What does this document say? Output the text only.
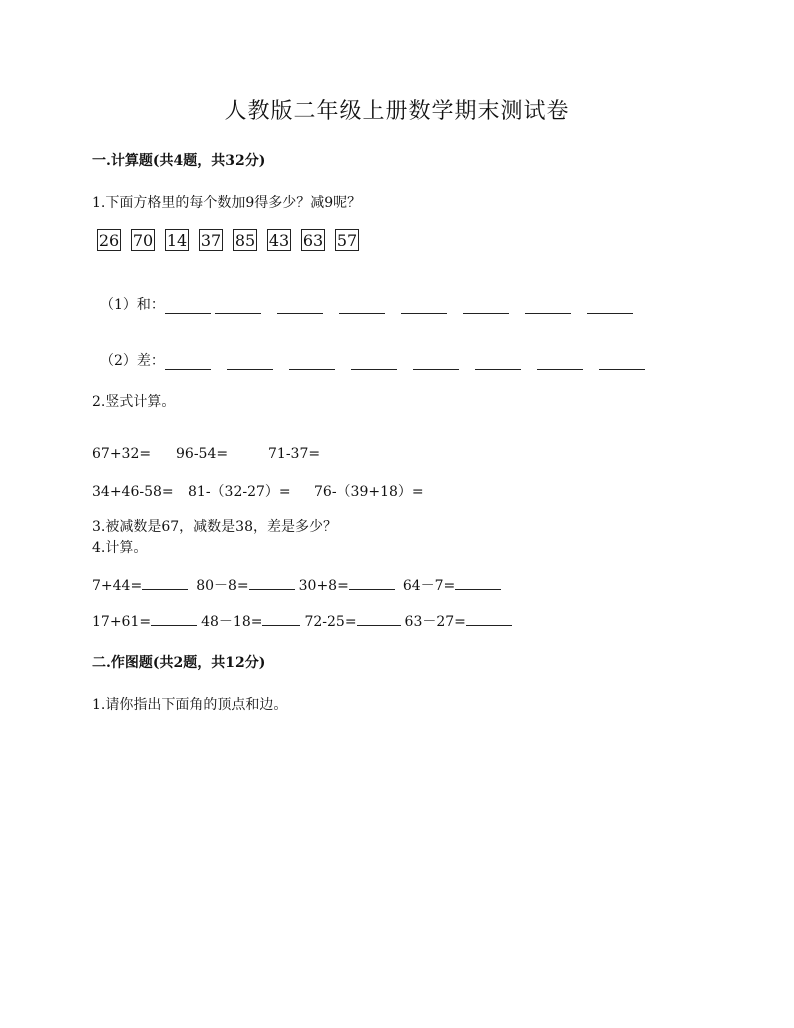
人教版二年级上册数学期末测试卷
一.计算题(共4题，共32分)
1.下面方格里的每个数加9得多少？减9呢？
26 70 14 37 85 43 63 57
（1）和：
（2）差：
2.竖式计算。
67+32= 96-54=	71-37=
34+46-58= 81-（32-27）= 76-（39+18）=
3.被减数是67，减数是38，差是多少？
4.计算。
7+44=	80－8=	30+8=	64－7=
17+61=	48－18=	72-25=	63－27=
二.作图题(共2题，共12分)
1.请你指出下面角的顶点和边。
